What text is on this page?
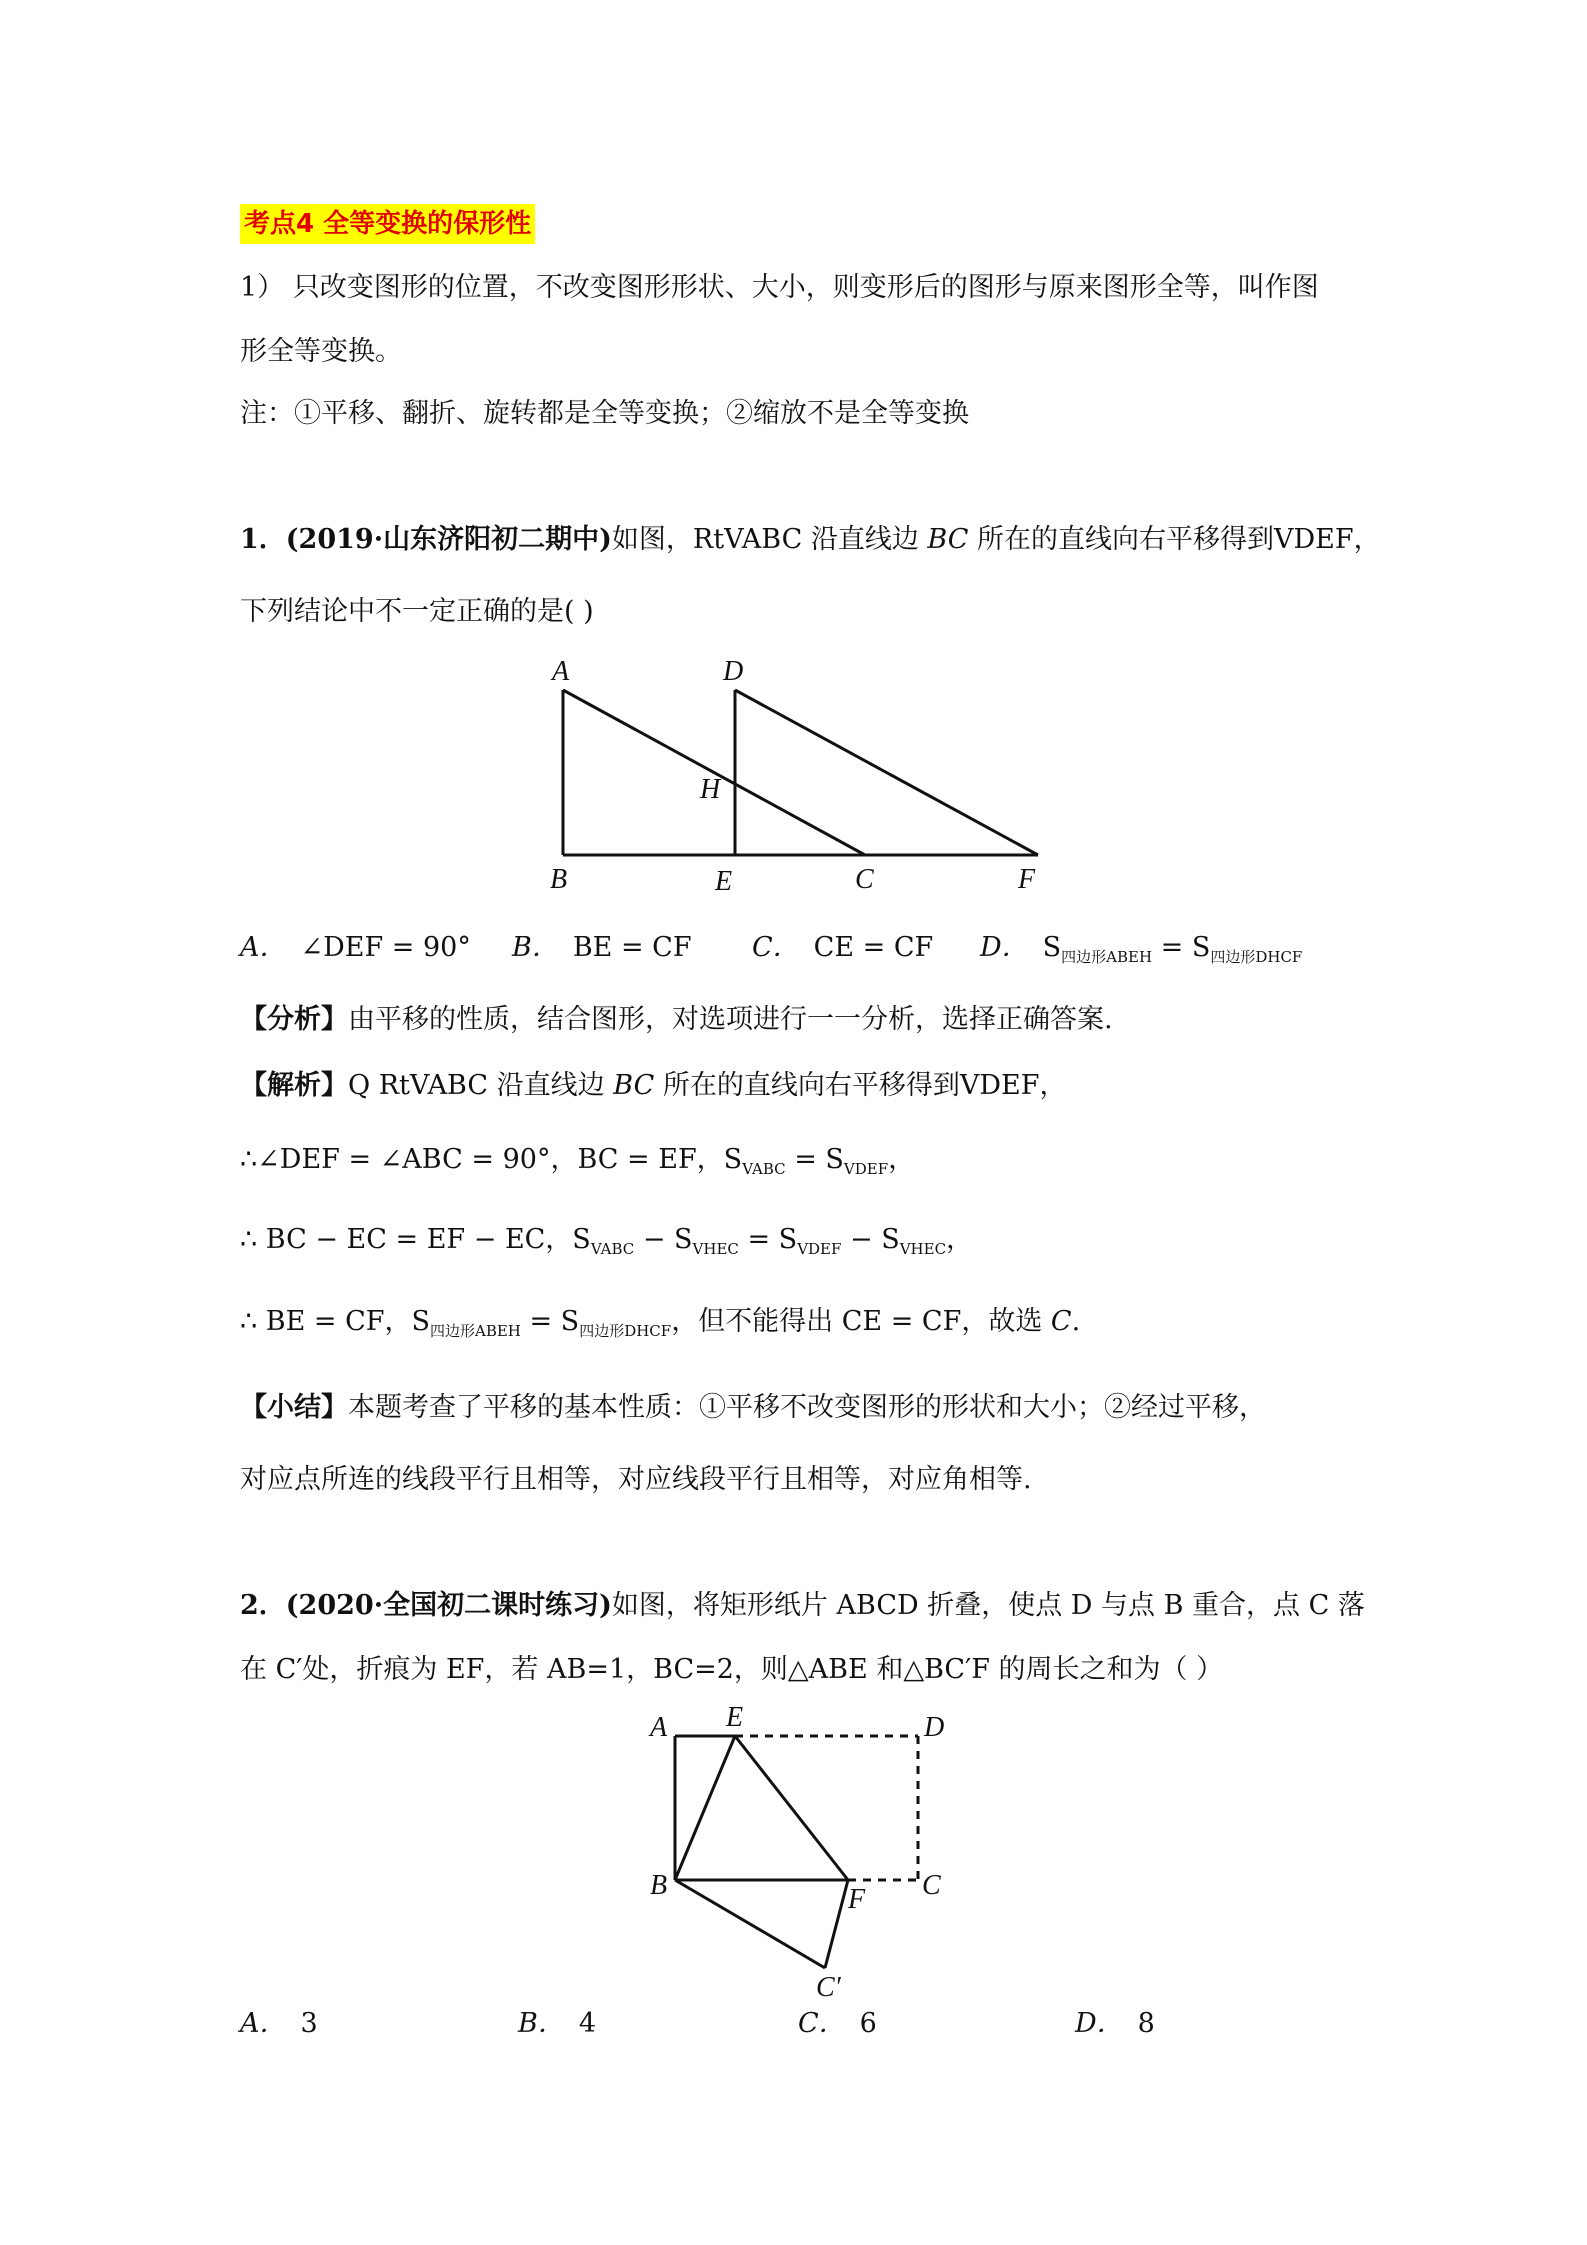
考点4 全等变换的保形性
1） 只改变图形的位置，不改变图形形状、大小，则变形后的图形与原来图形全等，叫作图
形全等变换。
注：①平移、翻折、旋转都是全等变换；②缩放不是全等变换
1．(2019·山东济阳初二期中)如图，RtVABC 沿直线边 BC 所在的直线向右平移得到VDEF，
下列结论中不一定正确的是( )
A	D
H
B	E	C	F
A． ∠DEF = 90° B． BE = CF C． CE = CF D． $S_{四边形ABEH} = S_{四边形DHCF}$
【分析】由平移的性质，结合图形，对选项进行一一分析，选择正确答案.
【解析】Q RtVABC 沿直线边 BC 所在的直线向右平移得到VDEF，
∴∠DEF = ∠ABC = 90°，BC = EF，$S_{VABC} = S_{VDEF}$，
∴ BC − EC = EF − EC，$S_{VABC} - S_{VHEC} = S_{VDEF} - S_{VHEC}$，
∴ BE = CF，$S_{四边形ABEH} = S_{四边形DHCF}$，但不能得出 CE = CF，故选 C.
【小结】本题考查了平移的基本性质：①平移不改变图形的形状和大小；②经过平移，
对应点所连的线段平行且相等，对应线段平行且相等，对应角相等.
2．(2020·全国初二课时练习)如图，将矩形纸片 ABCD 折叠，使点 D 与点 B 重合，点 C 落
在 C′处，折痕为 EF，若 AB=1，BC=2，则△ABE 和△BC′F 的周长之和为（ ）
A E	D
B	F C
C′
A． 3	B． 4	C． 6	D． 8
